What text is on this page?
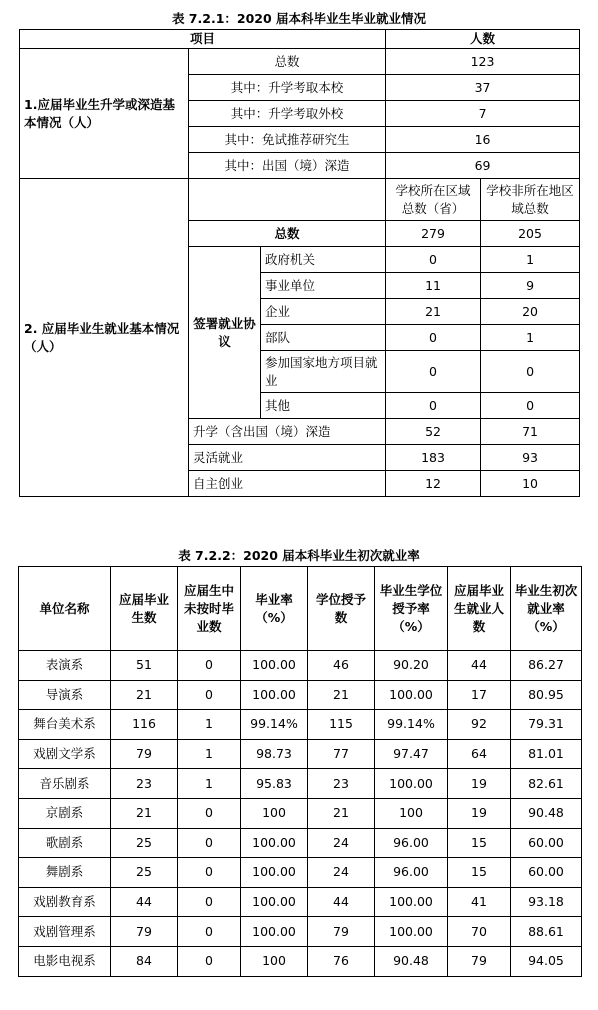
表 7.2.1：2020 届本科毕业生毕业就业情况
项目			人数	
1.应届毕业生升学或深造基本情况（人）	总数		123	
	其中：升学考取本校		37	
	其中：升学考取外校		7	
	其中：免试推荐研究生		16	
	其中：出国（境）深造		69	
2. 应届毕业生就业基本情况（人）			学校所在区域总数（省）	学校非所在地区域总数
	总数		279	205
	签署就业协议	政府机关	0	1
		事业单位	11	9
		企业	21	20
		部队	0	1
		参加国家地方项目就业	0	0
		其他	0	0
	升学（含出国（境）深造		52	71
	灵活就业		183	93
	自主创业		12	10
表 7.2.2：2020 届本科毕业生初次就业率
单位名称	应届毕业生数	应届生中未按时毕业数	毕业率（%）	学位授予数	毕业生学位授予率（%）	应届毕业生就业人数	毕业生初次就业率（%）
表演系	51	0	100.00	46	90.20	44	86.27
导演系	21	0	100.00	21	100.00	17	80.95
舞台美术系	116	1	99.14%	115	99.14%	92	79.31
戏剧文学系	79	1	98.73	77	97.47	64	81.01
音乐剧系	23	1	95.83	23	100.00	19	82.61
京剧系	21	0	100	21	100	19	90.48
歌剧系	25	0	100.00	24	96.00	15	60.00
舞剧系	25	0	100.00	24	96.00	15	60.00
戏剧教育系	44	0	100.00	44	100.00	41	93.18
戏剧管理系	79	0	100.00	79	100.00	70	88.61
电影电视系	84	0	100	76	90.48	79	94.05
